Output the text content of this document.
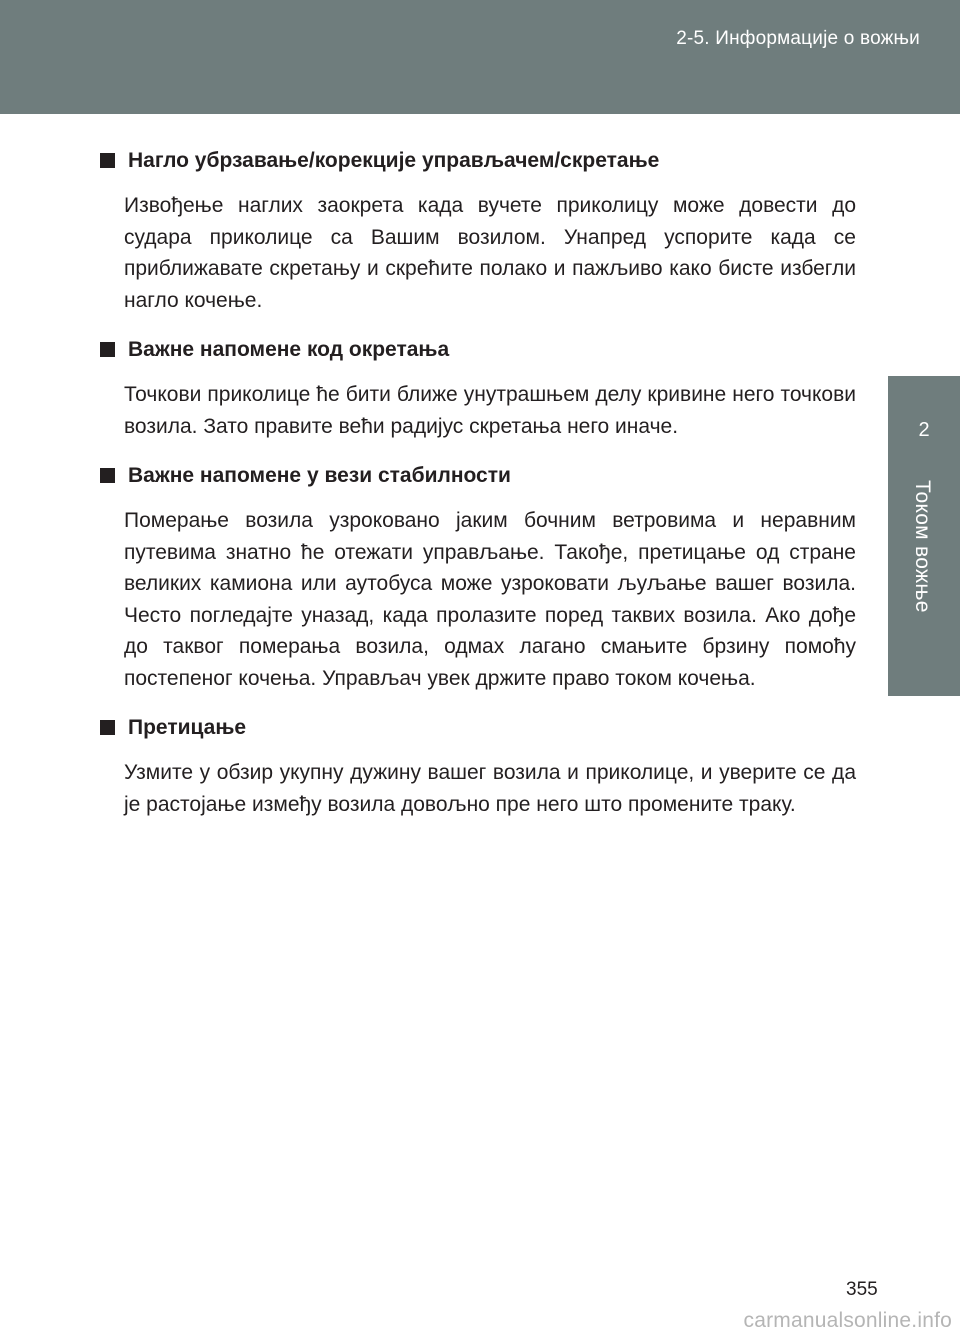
2-5. Информације о вожњи
2
Током вожње
Нагло убрзавање/корекције управљачем/скретање
Извођење наглих заокрета када вучете приколицу може довести до судара приколице са Вашим возилом. Унапред успорите када се приближавате скретању и скрећите полако и пажљиво како бисте избегли нагло кочење.
Важне напомене код окретања
Точкови приколице ће бити ближе унутрашњем делу кривине него точкови возила. Зато правите већи радијус скретања него иначе.
Важне напомене у вези стабилности
Померање возила узроковано јаким бочним ветровима и неравним путевима знатно ће отежати управљање. Такође, претицање од стране великих камиона или аутобуса може узроковати љуљање вашег возила. Често погледајте уназад, када пролазите поред таквих возила. Ако дође до таквог померања возила, одмах лагано смањите брзину помоћу постепеног кочења. Управљач увек држите право током кочења.
Претицање
Узмите у обзир укупну дужину вашег возила и приколице, и уверите се да је растојање између возила довољно пре него што промените траку.
355
carmanualsonline.info
